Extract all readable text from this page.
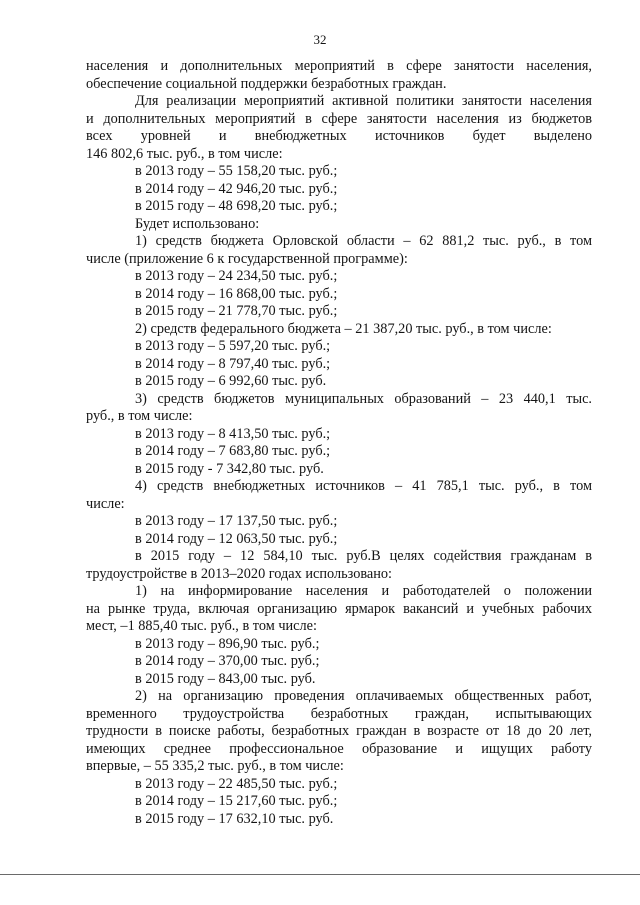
32

населения и дополнительных мероприятий в сфере занятости населения,

обеспечение социальной поддержки безработных граждан.

Для реализации мероприятий активной политики занятости населения

и дополнительных мероприятий в сфере занятости населения из бюджетов

всех уровней и внебюджетных источников будет выделено

146 802,6 тыс. руб., в том числе:

в 2013 году – 55 158,20 тыс. руб.;

в 2014 году – 42 946,20 тыс. руб.;

в 2015 году – 48 698,20 тыс. руб.;

Будет использовано:

1) средств бюджета Орловской области – 62 881,2 тыс. руб., в том

числе (приложение 6 к государственной программе):

в 2013 году – 24 234,50 тыс. руб.;

в 2014 году – 16 868,00 тыс. руб.;

в 2015 году – 21 778,70 тыс. руб.;

2) средств федерального бюджета – 21 387,20 тыс. руб., в том числе:

в 2013 году – 5 597,20 тыс. руб.;

в 2014 году – 8 797,40 тыс. руб.;

в 2015 году – 6 992,60 тыс. руб.

3) средств бюджетов муниципальных образований – 23 440,1 тыс.

руб., в том числе:

в 2013 году – 8 413,50 тыс. руб.;

в 2014 году – 7 683,80 тыс. руб.;

в 2015 году - 7 342,80 тыс. руб.

4) средств внебюджетных источников – 41 785,1 тыс. руб., в том

числе:

в 2013 году – 17 137,50 тыс. руб.;

в 2014 году – 12 063,50 тыс. руб.;

в 2015 году – 12 584,10 тыс. руб.В целях содействия гражданам в

трудоустройстве в 2013–2020 годах использовано:

1) на информирование населения и работодателей о положении

на рынке труда, включая организацию ярмарок вакансий и учебных рабочих

мест, –1 885,40 тыс. руб., в том числе:

в 2013 году – 896,90 тыс. руб.;

в 2014 году – 370,00 тыс. руб.;

в 2015 году – 843,00 тыс. руб.

2) на организацию проведения оплачиваемых общественных работ,

временного трудоустройства безработных граждан, испытывающих

трудности в поиске работы, безработных граждан в возрасте от 18 до 20 лет,

имеющих среднее профессиональное образование и ищущих работу

впервые, – 55 335,2 тыс. руб., в том числе:

в 2013 году – 22 485,50 тыс. руб.;

в 2014 году – 15 217,60 тыс. руб.;

в 2015 году – 17 632,10 тыс. руб.
